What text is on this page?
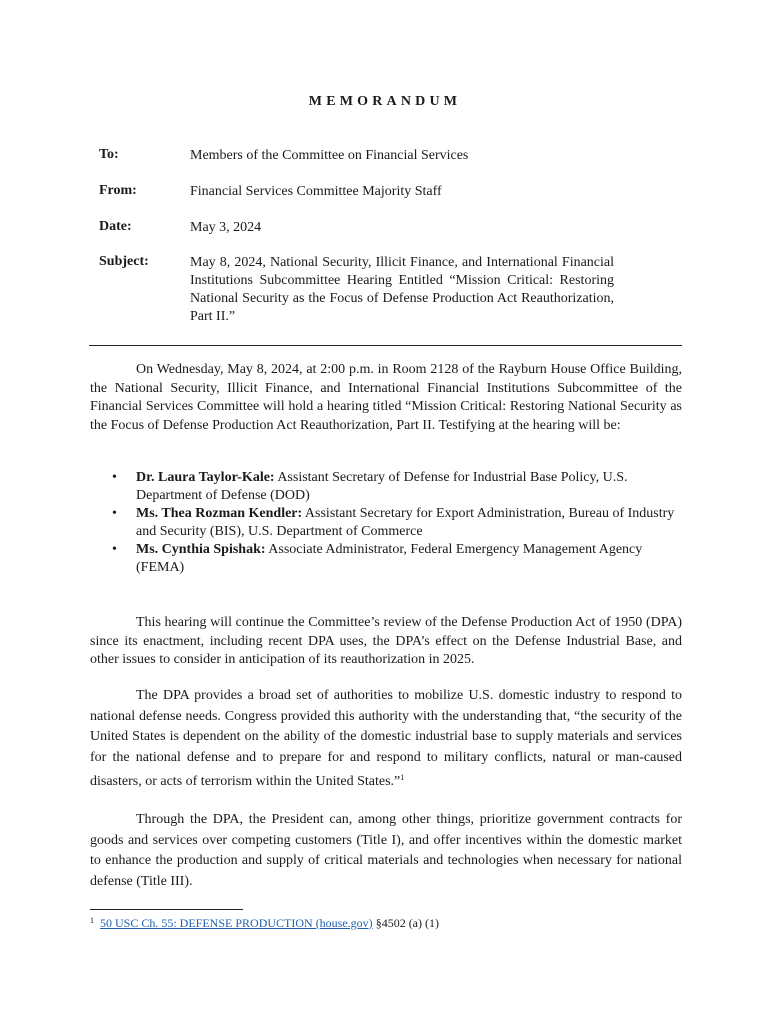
MEMORANDUM
To:	Members of the Committee on Financial Services
From:	Financial Services Committee Majority Staff
Date:	May 3, 2024
Subject:	May 8, 2024, National Security, Illicit Finance, and International Financial Institutions Subcommittee Hearing Entitled “Mission Critical: Restoring National Security as the Focus of Defense Production Act Reauthorization, Part II.”
On Wednesday, May 8, 2024, at 2:00 p.m. in Room 2128 of the Rayburn House Office Building, the National Security, Illicit Finance, and International Financial Institutions Subcommittee of the Financial Services Committee will hold a hearing titled “Mission Critical: Restoring National Security as the Focus of Defense Production Act Reauthorization, Part II. Testifying at the hearing will be:
• Dr. Laura Taylor-Kale: Assistant Secretary of Defense for Industrial Base Policy, U.S. Department of Defense (DOD)
• Ms. Thea Rozman Kendler: Assistant Secretary for Export Administration, Bureau of Industry and Security (BIS), U.S. Department of Commerce
• Ms. Cynthia Spishak: Associate Administrator, Federal Emergency Management Agency (FEMA)
This hearing will continue the Committee’s review of the Defense Production Act of 1950 (DPA) since its enactment, including recent DPA uses, the DPA’s effect on the Defense Industrial Base, and other issues to consider in anticipation of its reauthorization in 2025.
The DPA provides a broad set of authorities to mobilize U.S. domestic industry to respond to national defense needs. Congress provided this authority with the understanding that, “the security of the United States is dependent on the ability of the domestic industrial base to supply materials and services for the national defense and to prepare for and respond to military conflicts, natural or man-caused disasters, or acts of terrorism within the United States.”$^1$
Through the DPA, the President can, among other things, prioritize government contracts for goods and services over competing customers (Title I), and offer incentives within the domestic market to enhance the production and supply of critical materials and technologies when necessary for national defense (Title III).
$^1$ 50 USC Ch. 55: DEFENSE PRODUCTION (house.gov) §4502 (a) (1)
